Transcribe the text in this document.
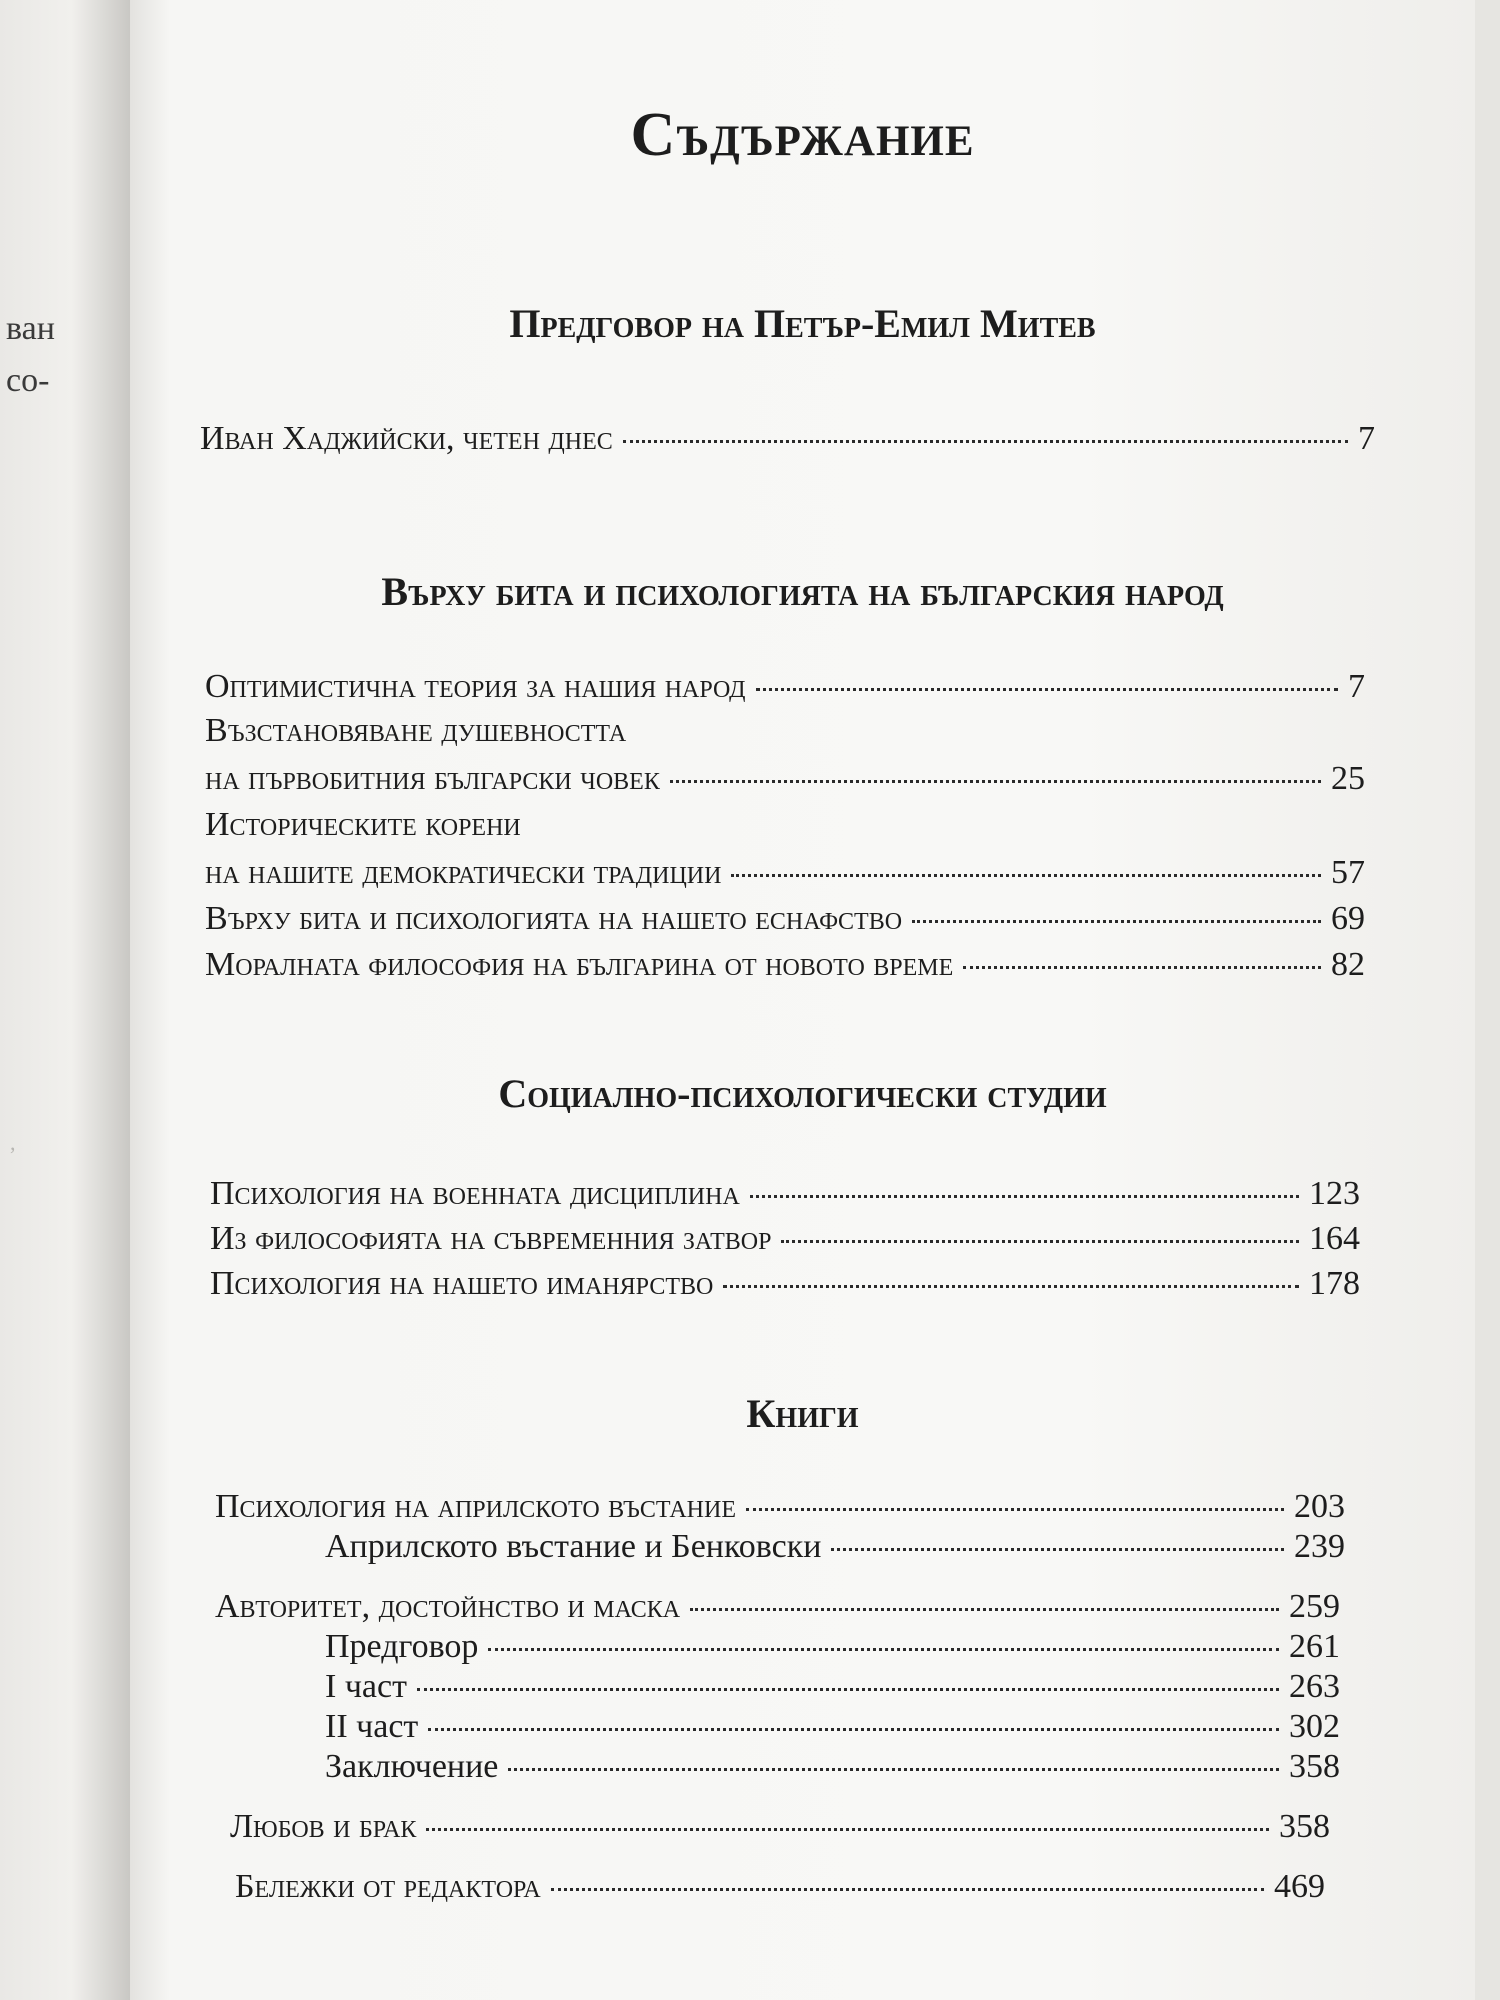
ван
со-
,
Съдържание
Предговор на Петър-Емил Митев
Иван Хаджийски, четен днес	7
Върху бита и психологията на българския народ
Оптимистична теория за нашия народ	7
Възстановяване душевността
на първобитния български човек	25
Историческите корени
на нашите демократически традиции	57
Върху бита и психологията на нашето еснафство	69
Моралната философия на българина от новото време	82
Социално-психологически студии
Психология на военната дисциплина	123
Из философията на съвременния затвор	164
Психология на нашето иманярство	178
Книги
Психология на априлското въстание	203
Априлското въстание и Бенковски	239
Авторитет, достойнство и маска	259
Предговор	261
I част	263
II част	302
Заключение	358
Любов и брак	358
Бележки от редактора	469
